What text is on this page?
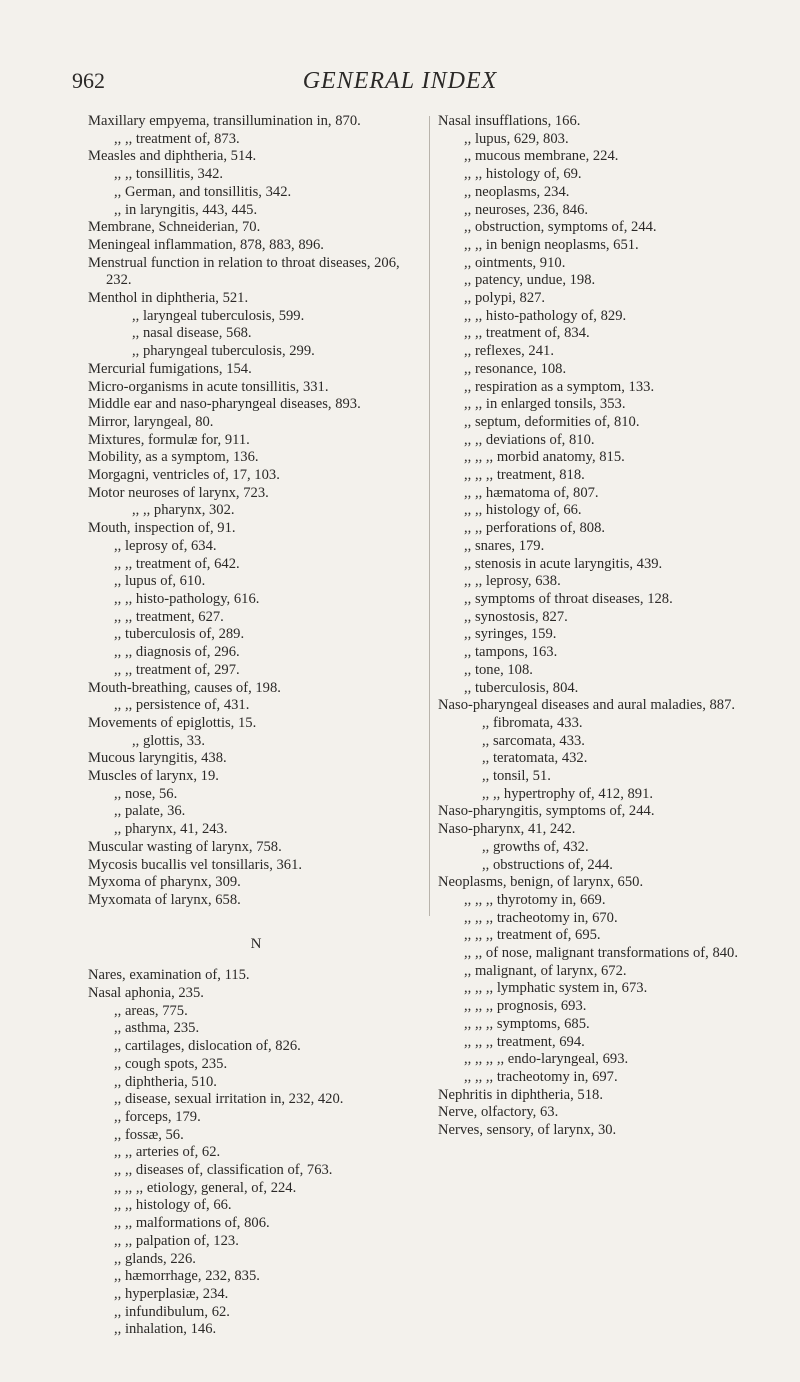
962	GENERAL INDEX
Maxillary empyema, transillumination in, 870.
,, ,, treatment of, 873.
Measles and diphtheria, 514.
,, ,, tonsillitis, 342.
,, German, and tonsillitis, 342.
,, in laryngitis, 443, 445.
Membrane, Schneiderian, 70.
Meningeal inflammation, 878, 883, 896.
Menstrual function in relation to throat diseases, 206, 232.
Menthol in diphtheria, 521.
,, laryngeal tuberculosis, 599.
,, nasal disease, 568.
,, pharyngeal tuberculosis, 299.
Mercurial fumigations, 154.
Micro-organisms in acute tonsillitis, 331.
Middle ear and naso-pharyngeal diseases, 893.
Mirror, laryngeal, 80.
Mixtures, formulæ for, 911.
Mobility, as a symptom, 136.
Morgagni, ventricles of, 17, 103.
Motor neuroses of larynx, 723.
,, ,, pharynx, 302.
Mouth, inspection of, 91.
,, leprosy of, 634.
,, ,, treatment of, 642.
,, lupus of, 610.
,, ,, histo-pathology, 616.
,, ,, treatment, 627.
,, tuberculosis of, 289.
,, ,, diagnosis of, 296.
,, ,, treatment of, 297.
Mouth-breathing, causes of, 198.
,, ,, persistence of, 431.
Movements of epiglottis, 15.
,, glottis, 33.
Mucous laryngitis, 438.
Muscles of larynx, 19.
,, nose, 56.
,, palate, 36.
,, pharynx, 41, 243.
Muscular wasting of larynx, 758.
Mycosis bucallis vel tonsillaris, 361.
Myxoma of pharynx, 309.
Myxomata of larynx, 658.
N
Nares, examination of, 115.
Nasal aphonia, 235.
,, areas, 775.
,, asthma, 235.
,, cartilages, dislocation of, 826.
,, cough spots, 235.
,, diphtheria, 510.
,, disease, sexual irritation in, 232, 420.
,, forceps, 179.
,, fossæ, 56.
,, ,, arteries of, 62.
,, ,, diseases of, classification of, 763.
,, ,, ,, etiology, general, of, 224.
,, ,, histology of, 66.
,, ,, malformations of, 806.
,, ,, palpation of, 123.
,, glands, 226.
,, hæmorrhage, 232, 835.
,, hyperplasiæ, 234.
,, infundibulum, 62.
,, inhalation, 146.
Nasal insufflations, 166.
,, lupus, 629, 803.
,, mucous membrane, 224.
,, ,, histology of, 69.
,, neoplasms, 234.
,, neuroses, 236, 846.
,, obstruction, symptoms of, 244.
,, ,, in benign neoplasms, 651.
,, ointments, 910.
,, patency, undue, 198.
,, polypi, 827.
,, ,, histo-pathology of, 829.
,, ,, treatment of, 834.
,, reflexes, 241.
,, resonance, 108.
,, respiration as a symptom, 133.
,, ,, in enlarged tonsils, 353.
,, septum, deformities of, 810.
,, ,, deviations of, 810.
,, ,, ,, morbid anatomy, 815.
,, ,, ,, treatment, 818.
,, ,, hæmatoma of, 807.
,, ,, histology of, 66.
,, ,, perforations of, 808.
,, snares, 179.
,, stenosis in acute laryngitis, 439.
,, ,, leprosy, 638.
,, symptoms of throat diseases, 128.
,, synostosis, 827.
,, syringes, 159.
,, tampons, 163.
,, tone, 108.
,, tuberculosis, 804.
Naso-pharyngeal diseases and aural maladies, 887.
,, fibromata, 433.
,, sarcomata, 433.
,, teratomata, 432.
,, tonsil, 51.
,, ,, hypertrophy of, 412, 891.
Naso-pharyngitis, symptoms of, 244.
Naso-pharynx, 41, 242.
,, growths of, 432.
,, obstructions of, 244.
Neoplasms, benign, of larynx, 650.
,, ,, ,, thyrotomy in, 669.
,, ,, ,, tracheotomy in, 670.
,, ,, ,, treatment of, 695.
,, ,, of nose, malignant transformations of, 840.
,, malignant, of larynx, 672.
,, ,, ,, lymphatic system in, 673.
,, ,, ,, prognosis, 693.
,, ,, ,, symptoms, 685.
,, ,, ,, treatment, 694.
,, ,, ,, ,, endo-laryngeal, 693.
,, ,, ,, tracheotomy in, 697.
Nephritis in diphtheria, 518.
Nerve, olfactory, 63.
Nerves, sensory, of larynx, 30.
